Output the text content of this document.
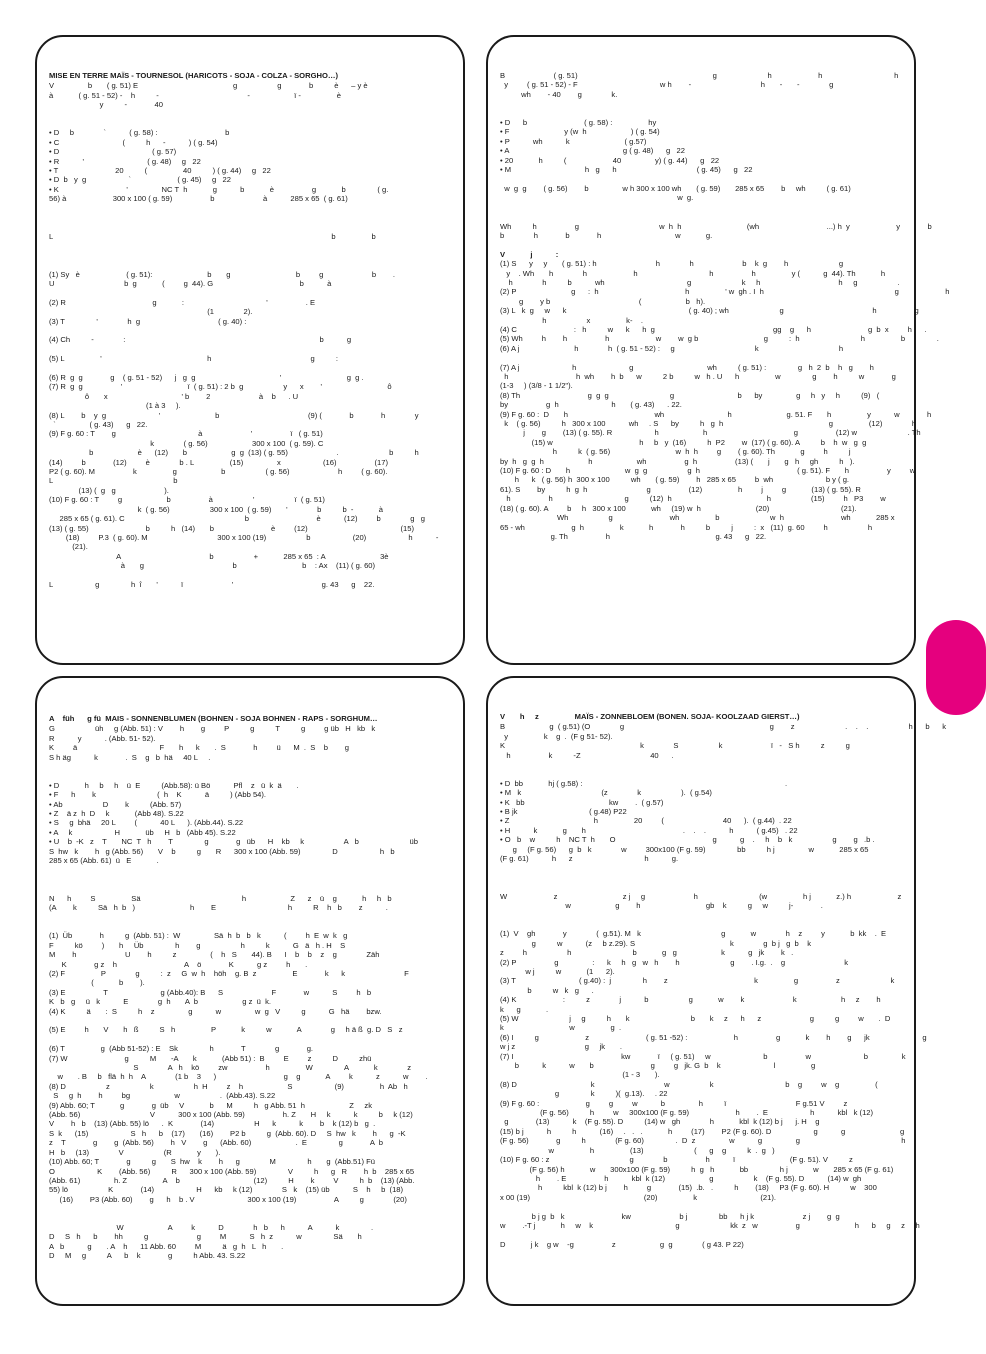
MISE EN TERRE MAÏS - TOURNESOL (HARICOTS - SOJA - COLZA - SORGHO…)
V                b       ( g. 51) E                                             g                   g             b          è      – y è
à            ( g. 51 - 52) -    h          -                                          -                     ï -                 è
y          -             40

• D     b              `           ( g. 58) :                                b
• C                              (          h      -           ) ( g. 54)
• D                                            ( g. 57)
• R           '                              ( g. 48)     g   22
• T                           20          (                 40          ) ( g. 44)     g   22
• D  b   y  g                    `                      ( g. 45)     g   22
• K                                '                NC T  h            g           b            è                  g            b               ( g.
56) à                      300 x 100 ( g. 59)                  b                       à           285 x 65  ( g. 61)

L                                                                                                                                    b                 b

(1) Sy   è                      ( g. 51):                          b       g                               b         g                       b        .
U                                 b  g            (         g  44). G                                         b           à

(2) R                                         g            :                                       '                  . E
(1              2).
(3) T               '              h  g                                     ( g. 40) :

(4) Ch          -              :                                                                                            b           g

(5) L                 '                                                  h                                               g          :

(6) R  g  g             g    ( g. 51 - 52)      j   g  g                                        '                               g  g .
(7) R  g  g                  '                               ï  ( g. 51) : 2 b  g                   y      x        '                               ô
ô       x                                   ' b        2                       à    b      . U
(1 à 3     ).
(8) L        b    y  g                         '                          b                                          (9) (             b             h              y
`                ( g. 43)      g   22.
(9) F g. 60 : T        g                                       à                       '                  ï   ( g. 51)
k              ( g. 56)                     300 x 100  ( g. 59). C
b                     è      (12)       b                     g  g  (13) ( g. 55)                       .                        b          h
(14)         b             (12)         è              b . L                 (15)                x                    (16)                  (17)
P2 ( g. 60). M                  k                 g                     b                   ( g. 56)                       h         ( g. 60).
L                                                         b
(13) (  g   g                       ).
(10) F g. 60 : T         g                     b                  à                   '                   ï  ( g. 51)
k  ( g. 56)                   300 x 100  ( g. 59)       '              b          b  -            à
285 x 65 ( g. 61). C                                                         b                                è           (12)         b              g   g
(13) ( g. 55)                           b          h   (14)       b                           è         (12)                                            (15)
(18)         P.3  ( g. 60). M                                 300 x 100 (19)                   b                    (20)                    h           -
(21).
A                                          b                   +            285 x 65  : A                          3è
à       g                                          b                               b    : Ax    (11) ( g. 60)

L                    g               h  î       '           ï                       '                                          g. 43      g    22.
B                       ( g. 51)                                                                g                        h                      h                                  h
y         ( g. 51 - 52) - F                                       w h        -                                 h       -       -              g
wh        - 40        g              k.

• D      b                           ( g. 58) :                 hy
• F                          y (w  h                     ) ( g. 54)
• P           wh           k                          ( g.57)
• A                                                      g ( g. 48)      g   22
• 20            h          (                      40                y) ( g. 44)      g   22
• M                                   h   g      h                                      ( g. 45)      g   22

w  g  g        ( g. 56)        b                w h 300 x 100 wh       ( g. 59)       285 x 65        b     wh          ( g. 61)
w  g.

Wh          h                  g                                      w  h  h                               (wh                                ...) h  y                      y             b
b              h             b             h                                   w            g.

V            j           :
(1) S      y     y       ( g. 51) : h                            h              h                       b    k  g        h                        g
y    . Wh       h              h                      h                                  h                  h                 y (           g  44). Th            h
h              h          b           wh                                       g                        k     h                                     h     g                   .
(2) P                          g      :  h                                         h                 ' w  gh . I  h                                                              g                      h
g        y b                                          (                     b   h).
(3) L   k  g     w      k                                                          ( g. 40) ; wh                        g                                          h                  g
h                   x                 k-    .
(4) C                           :   h          w      k      h  g                                                        gg    g      h                           g  b  x         h      .
(5) Wh         h        h                  h                      w        w  g b                               g          :  h                             h                 b               .
(6) A j                          h              h  ( g. 51 - 52) :     g                                      k                                      h

(7) A j                         h                         g                                   wh          ( g. 51) :               g   h  2  b    h   g        h
h                                h  wh        h  b      w          2 b          w   h . U      h                 w               g        h          w             g
(1-3     ) (3/8 - 1 1/2").
(8) Th                                g  g  g                             g                              b      by                g     h   y     h          (9)   (
by                  g  h                         h       ( g. 43)      . 22.
(9) F g. 60 :  D       h                                         wh                              h                          g. 51. F       h                 y           w             h
k    ( g. 56)          h   300 x 100           wh     . S      by          h   g  h                                                  g                 (12)              h
j        g        (13) ( g. 55). R                    h                     h                                         g                  (12) w                        . Th
(15) w                                         h     b   y  (16)          h  P2        w  (17) ( g. 60). A          b    h  w   g  g
h          k  ( g. 56)                               w  h  h         g        ( g. 60). Th            g         h          j
by  h   g  g  h                     h                     wh                  g  h                  (13) (       j       g   h     gh          h   ).
(10) F g. 60 : D       h                          w  g  g                   g  h                                              ( g. 51). F       h                  y         w
h      k   ( g. 56) h  300 x 100          wh       ( g. 59)        h   285 x 65         b  wh                         b y ( g.
61). S        by          h  g  h                            g                  (12)                 h         j         g            (13) ( g. 55). R
h                  h                                  g          (12)  h                                             h                   (15)         h   P3        w
(18) ( g. 60). A         b     h   300 x 100            wh     (19) w  h                          (20)                                  (21).
Wh                   g                           wh                 b                        w  h                           wh            285 x
65 - wh                      g  h                 k            h             h          b          j          :  x   (11)  g. 60         h                   h
g. Th                  h                                                  g. 43      g   22.
A    füh      g fü  MAIS - SONNENBLUMEN (BOHNEN - SOJA BOHNEN - RAPS - SORGHUM…
G                   üh     g (Abb. 51) : V        h        g         P          g          T          g         g üb   H   kb   k
R           y           . (Abb. 51- 52).
K         ä                                       F       h      k       .  S             h         ü      M  .  S    b        g
S h äg           k             .  S    g   b  hä     40 L     .

• D            h     b     h    ü  E          (Abb.58): ü Bö           Pfl    z   ü  k  ä       .
• F      h        k                             (  h    K           ä          ) (Abb 54).
• Ab                   D        k          (Abb. 57)
• Z    ä z  h  D     k            (Abb 48). S.22
• S     g  bhä     20 L         (           40 L      ). (Abb.44). S.22
• A     k                    H            üb     H   b   (Abb 45). S.22
• U    b  -K   z    T       NC  T   h        T               g             g   üb      H    kb     k                   A   b                        üb
S  hw   k        h   g (Abb. 56)       V    b          g       R      300 x 100 (Abb. 59)               D                    h   b
285 x 65 (Abb. 61)  ü   E            .

N      h         S                 Sä                                                h                     Z      z    ü    g            h     h   b
(A        k          Sä   h  b   )                          h        E                                  h          R    h   b        z           .

(1)  Üb             h          g  (Abb. 51) :  W                Sä  h  b   b   k           (         h  E  w  k   g
F          kö         )       h     Üb               h        g                   h          k           G   ä   h . H    S
M        h                       U        h          z                (    h   S       44). B      I    b    b    z    g              Zäh
K             g z    h                                A    ö             K           g z         h       .
(2) F                 P              g          :  z     G  w  h    höh    g. B  z                 E             k      k                            F
(            b        ).
(3) E                  T                         g (Abb.40): B      S                       F             w           S         h   b
K   b   g     ü   k           E              g  h       A  b                     g z  ü  k.
(4) K          ä       :  S          h    z                g           w                w  g   V          g           G   hä        bzw.

(5) E         h       V       h   ß          S   h                 P            k          w            A              g     h ä ß  g. D   S   z

(6) T                 g  (Abb 51-52) : E    Sk               h             T              g             g.
(7) W                           g          M       -A       k            (Abb 51) :  B         E         z          D          zhü
S              A   h    kö         zw                  h                 W               A            k              z
w       . B     b   flä  h  h    A              (1 b    3      )                                g    g            A         k           z           w        .
(8) D                   z                   k                   h  H         z    h                     S                    (9)                 h  Ab   h
S     g  h        h         bg                     w                   .  (Abb.43). S.22
(9) Abb. 60; T            g             g  üb     V            b      M          h   g Abb. 51  h                     Z     zk
(Abb. 56)                                 V           300 x 100 (Abb. 59)                  h. Z       H     k           k          b     k (12)
V        h   b    (13) (Abb. 55) lö      .  K             (14)                   H      k           k        b    k (12) b   g  .
S  k      (15)                    S   h      b    (17)       (16)        P2 b          g  (Abb. 60). D     S  hw   k        h      g  -K
z    T             g        g  (Abb. 56)        h   V        g      (Abb. 60)                     .  E               g             A  b
H   b     (13)              V                   (R            y       ).
(10) Abb. 60; T             g          g       S  hw    k        h      g              M               h       g  (Abb.51) Fü
O                    K        (Abb. 56)          R      300 x 100 (Abb. 59)               V          h      g   R        h  b    285 x 65
(Abb. 61)                h. Z                 A    b                                   (12)          H        k         V          h  b    (13) (Abb.
55) lö                   K             (14)                    H      kb     k (12)              S   k    (15) üb           S    h     b  (18)
(16)        P3 (Abb. 60)        g      h    b . V                         300 x 100 (19)                  A          g              (20)

W                     A         k           D              h   b      h           A           k               .
D     S   h      b        hh          g                       g         M           S   h  z           w               Sä       h
A   b           g       . A    h      11 Abb. 60         M          ä   g  h   L   h       .
D     M     g          A      b    k             g          h Abb. 43. S.22
V       h     z                 MAÏS - ZONNEBLOEM (BONEN. SOJA- KOOLZAAD GIERST…)
B                     g  ( g.51) (O              g                                                                     g        z                        .    .    .                   h      b      k
y                 k    g  .  (F g 51- 52).
K                                                                k              S                   k                       ï   -   S h          z          g
h                  k          -Z                                 40      .

• D  bb            hj ( g.58) :                                                                                                .
• M   k                                      (z              k                   ).  ( g.54)
• K   bb                                        kw        .  ( g.57)
• B jk                                  ( g.48) P22
• Z                                        h                 20         (                            40      ).  ( g.44)  . 22
• H           k            g       h                                              .    .    .           h           ( g.45)   . 22
• O   b    w          h    NC T  h       O                                              g           g    .     h    b   k                   g        g   .b .
g     (F g. 56)      g  b   k              w         300x100 (F g. 59)               bb          h j                w            285 x 65
(F g. 61)           h      z                                  h           g.

W                      z                               z j     g                       h                             (w                 h j            z.) h                      z
w                     g        h                               gb    k          g     w          j-             .

(1)  V    gh             y              (  g.51). M   k                                      g            w              h    z         y            b  kk    .  E
g          w           (z     b z.29). S                                             k              g  b j   g  b    k
z         h                   h                             b            g   g                     k           g   jk        k   .
(2) P                  g                :      k     h   g   w   h        h                        g        . I.g.  .    g                            k
w j          w            (1      2).
(3) T                              ( g.40) :  j               h        z                                         k                 g                  z                        k
b          w   k   g      .
(4) K                      :          z              j           b                   g            w        k                       k                     h     z        h
k      g            .
(5) W                        j     g          h       k                             b       k     z      h      z                       g          g         w       .  D
k                               w                 g  .
(6) I          g                      z                           ( g. 51 -52) :                      h                  g            k        h        g      jk                         g
w j z                                 g     jk       .
(7) I                                                   kw             ï     ( g. 51)     w                         b                  w                         b                k
b           k           w       b                           g         g   jk. G  b    k                         l                 g
(1 - 3       ).
(8) D                                   k                                 w                   k                                  b    g         w    g                 (
g               k          )(  g.13).     . 22
(9) F g. 60 :                      g         g         w           b                h          ï                                 F g.51 V         z
(F g. 56)          h         w     300x100 (F g. 59)                      h        .  E                    h           kbl   k (12)
g             (13)           k    (F g. 55). D          (14) w   gh              h            kbl  k (12) b j      j. H    g
(15) b j           h          h           (16)     .   .   .            h         (17)        P2 (F g. 60). D                    g           g                          g
(F g. 56)             g          h              (F g. 60)               .  D  z                w           g                g                                                h
w                 h                 (13)                        (      g    g          k  .  g   )
(10) F g. 60 : z                                      g              b                  h           ï                          (F g. 51). V          z
(F g. 56) h            w       300x100 (F g. 59)          h  g   h            bb               h j            w       285 x 65 (F g. 61)
h        . E                  h           kbl  k (12)                     g                   k    (F g. 55). D           (14) w  gh
h          kbl  k (12) b j        h         g             (15)  .b.   .          h        (18)     P3 (F g. 60). H          w    300
x 00 (19)                                                      (20)                 k                              (21).

b j g  b   k                           kw                       b j               bb      h j k                       z j        g  g
w        .-T j            h     w    k                                       g                        kk  z   w                  g                          h      b     g     z     h

D            j k    g w    -g                  z                     g  g              ( g 43. P 22)
